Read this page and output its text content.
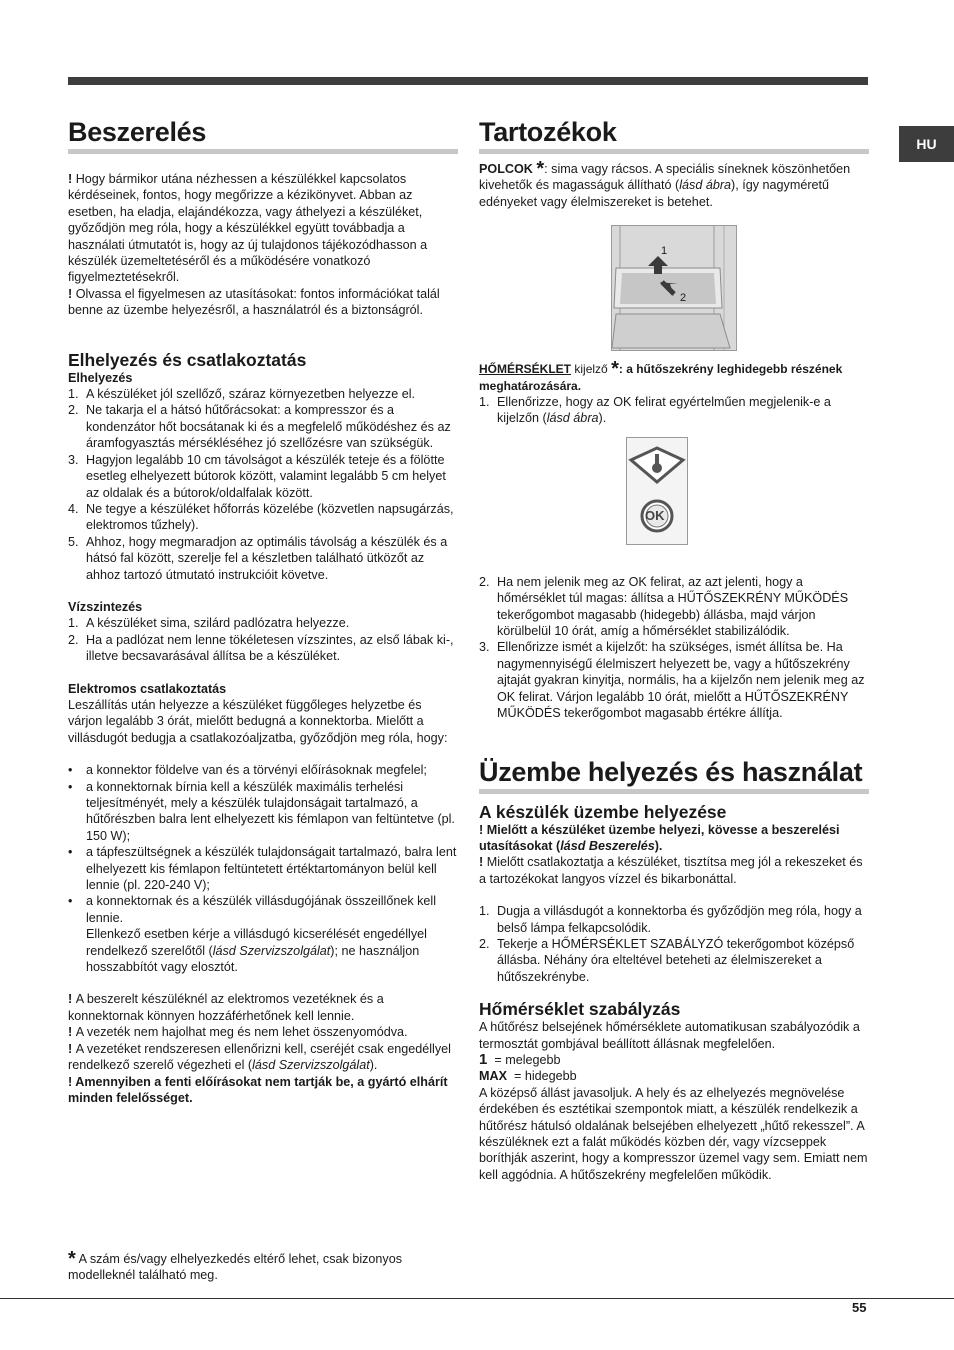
HU
Beszerelés

! Hogy bármikor utána nézhessen a készülékkel kapcsolatos kérdéseinek, fontos, hogy megőrizze a kézikönyvet. Abban az esetben, ha eladja, elajándékozza, vagy áthelyezi a készüléket, győződjön meg róla, hogy a készülékkel együtt továbbadja a használati útmutatót is, hogy az új tulajdonos tájékozódhasson a készülék üzemeltetéséről és a működésére vonatkozó figyelmeztetésekről.

! Olvassa el figyelmesen az utasításokat: fontos információkat talál benne az üzembe helyezésről, a használatról és a biztonságról.

Elhelyezés és csatlakoztatás
Elhelyezés
1. A készüléket jól szellőző, száraz környezetben helyezze el.
2. Ne takarja el a hátsó hűtőrácsokat: a kompresszor és a kondenzátor hőt bocsátanak ki és a megfelelő működéshez és az áramfogyasztás mérsékléséhez jó szellőzésre van szükségük.
3. Hagyjon legalább 10 cm távolságot a készülék teteje és a fölötte esetleg elhelyezett bútorok között, valamint legalább 5 cm helyet az oldalak és a bútorok/oldalfalak között.
4. Ne tegye a készüléket hőforrás közelébe (közvetlen napsugárzás, elektromos tűzhely).
5. Ahhoz, hogy megmaradjon az optimális távolság a készülék és a hátsó fal között, szerelje fel a készletben található ütközőt az ahhoz tartozó útmutató instrukcióit követve.
Vízszintezés
1. A készüléket sima, szilárd padlózatra helyezze.
2. Ha a padlózat nem lenne tökéletesen vízszintes, az első lábak ki-, illetve becsavarásával állítsa be a készüléket.
Elektromos csatlakoztatás

Leszállítás után helyezze a készüléket függőleges helyzetbe és várjon legalább 3 órát, mielőtt bedugná a konnektorba. Mielőtt a villásdugót bedugja a csatlakozóaljzatba, győződjön meg róla, hogy:

•	a konnektor földelve van és a törvényi előírásoknak megfelel;
•	a konnektornak bírnia kell a készülék maximális terhelési teljesítményét, mely a készülék tulajdonságait tartalmazó, a hűtőrészben balra lent elhelyezett kis fémlapon van feltüntetve (pl. 150 W);
•	a tápfeszültségnek a készülék tulajdonságait tartalmazó, balra lent elhelyezett kis fémlapon feltüntetett értéktartományon belül kell lennie (pl. 220-240 V);
•	a konnektornak és a készülék villásdugójának összeillőnek kell lennie.
Ellenkező esetben kérje a villásdugó kicserélését engedéllyel rendelkező szerelőtől (lásd Szervizszolgálat); ne használjon hosszabbítót vagy elosztót.

! A beszerelt készüléknél az elektromos vezetéknek és a konnektornak könnyen hozzáférhetőnek kell lennie.

! A vezeték nem hajolhat meg és nem lehet összenyomódva.

! A vezetéket rendszeresen ellenőrizni kell, cseréjét csak engedéllyel rendelkező szerelő végezheti el (lásd Szervizszolgálat).

! Amennyiben a fenti előírásokat nem tartják be, a gyártó elhárít minden felelősséget.

* A szám és/vagy elhelyezkedés eltérő lehet, csak bizonyos modelleknél található meg.
Tartozékok

POLCOK *: sima vagy rácsos. A speciális síneknek köszönhetően kivehetők és magasságuk állítható (lásd ábra), így nagyméretű edényeket vagy élelmiszereket is betehet.

1
2

HŐMÉRSÉKLET kijelző *: a hűtőszekrény leghidegebb részének meghatározására.

1. Ellenőrizze, hogy az OK felirat egyértelműen megjelenik-e a kijelzőn (lásd ábra).
OK
2. Ha nem jelenik meg az OK felirat, az azt jelenti, hogy a hőmérséklet túl magas: állítsa a HŰTŐSZEKRÉNY MŰKÖDÉS tekerőgombot magasabb (hidegebb) állásba, majd várjon körülbelül 10 órát, amíg a hőmérséklet stabilizálódik.
3. Ellenőrizze ismét a kijelzőt: ha szükséges, ismét állítsa be. Ha nagymennyiségű élelmiszert helyezett be, vagy a hűtőszekrény ajtaját gyakran kinyitja, normális, ha a kijelzőn nem jelenik meg az OK felirat. Várjon legalább 10 órát, mielőtt a HŰTŐSZEKRÉNY MŰKÖDÉS tekerőgombot magasabb értékre állítja.
Üzembe helyezés és használat
A készülék üzembe helyezése

! Mielőtt a készüléket üzembe helyezi, kövesse a beszerelési utasításokat (lásd Beszerelés).

! Mielőtt csatlakoztatja a készüléket, tisztítsa meg jól a rekeszeket és a tartozékokat langyos vízzel és bikarbonáttal.

1. Dugja a villásdugót a konnektorba és győződjön meg róla, hogy a belső lámpa felkapcsolódik.
2. Tekerje a HŐMÉRSÉKLET SZABÁLYZÓ tekerőgombot középső állásba. Néhány óra elteltével beteheti az élelmiszereket a hűtőszekrénybe.
Hőmérséklet szabályzás

A hűtőrész belsejének hőmérséklete automatikusan szabályozódik a termosztát gombjával beállított állásnak megfelelően.

1 = melegebb

MAX = hidegebb

A középső állást javasoljuk. A hely és az elhelyezés megnövelése érdekében és esztétikai szempontok miatt, a készülék rendelkezik a hűtőrész hátulsó oldalának belsejében elhelyezett „hűtő rekesszel”. A készüléknek ezt a falát működés közben dér, vagy vízcseppek boríthják aszerint, hogy a kompresszor üzemel vagy sem. Emiatt nem kell aggódnia. A hűtőszekrény megfelelően működik.

55
